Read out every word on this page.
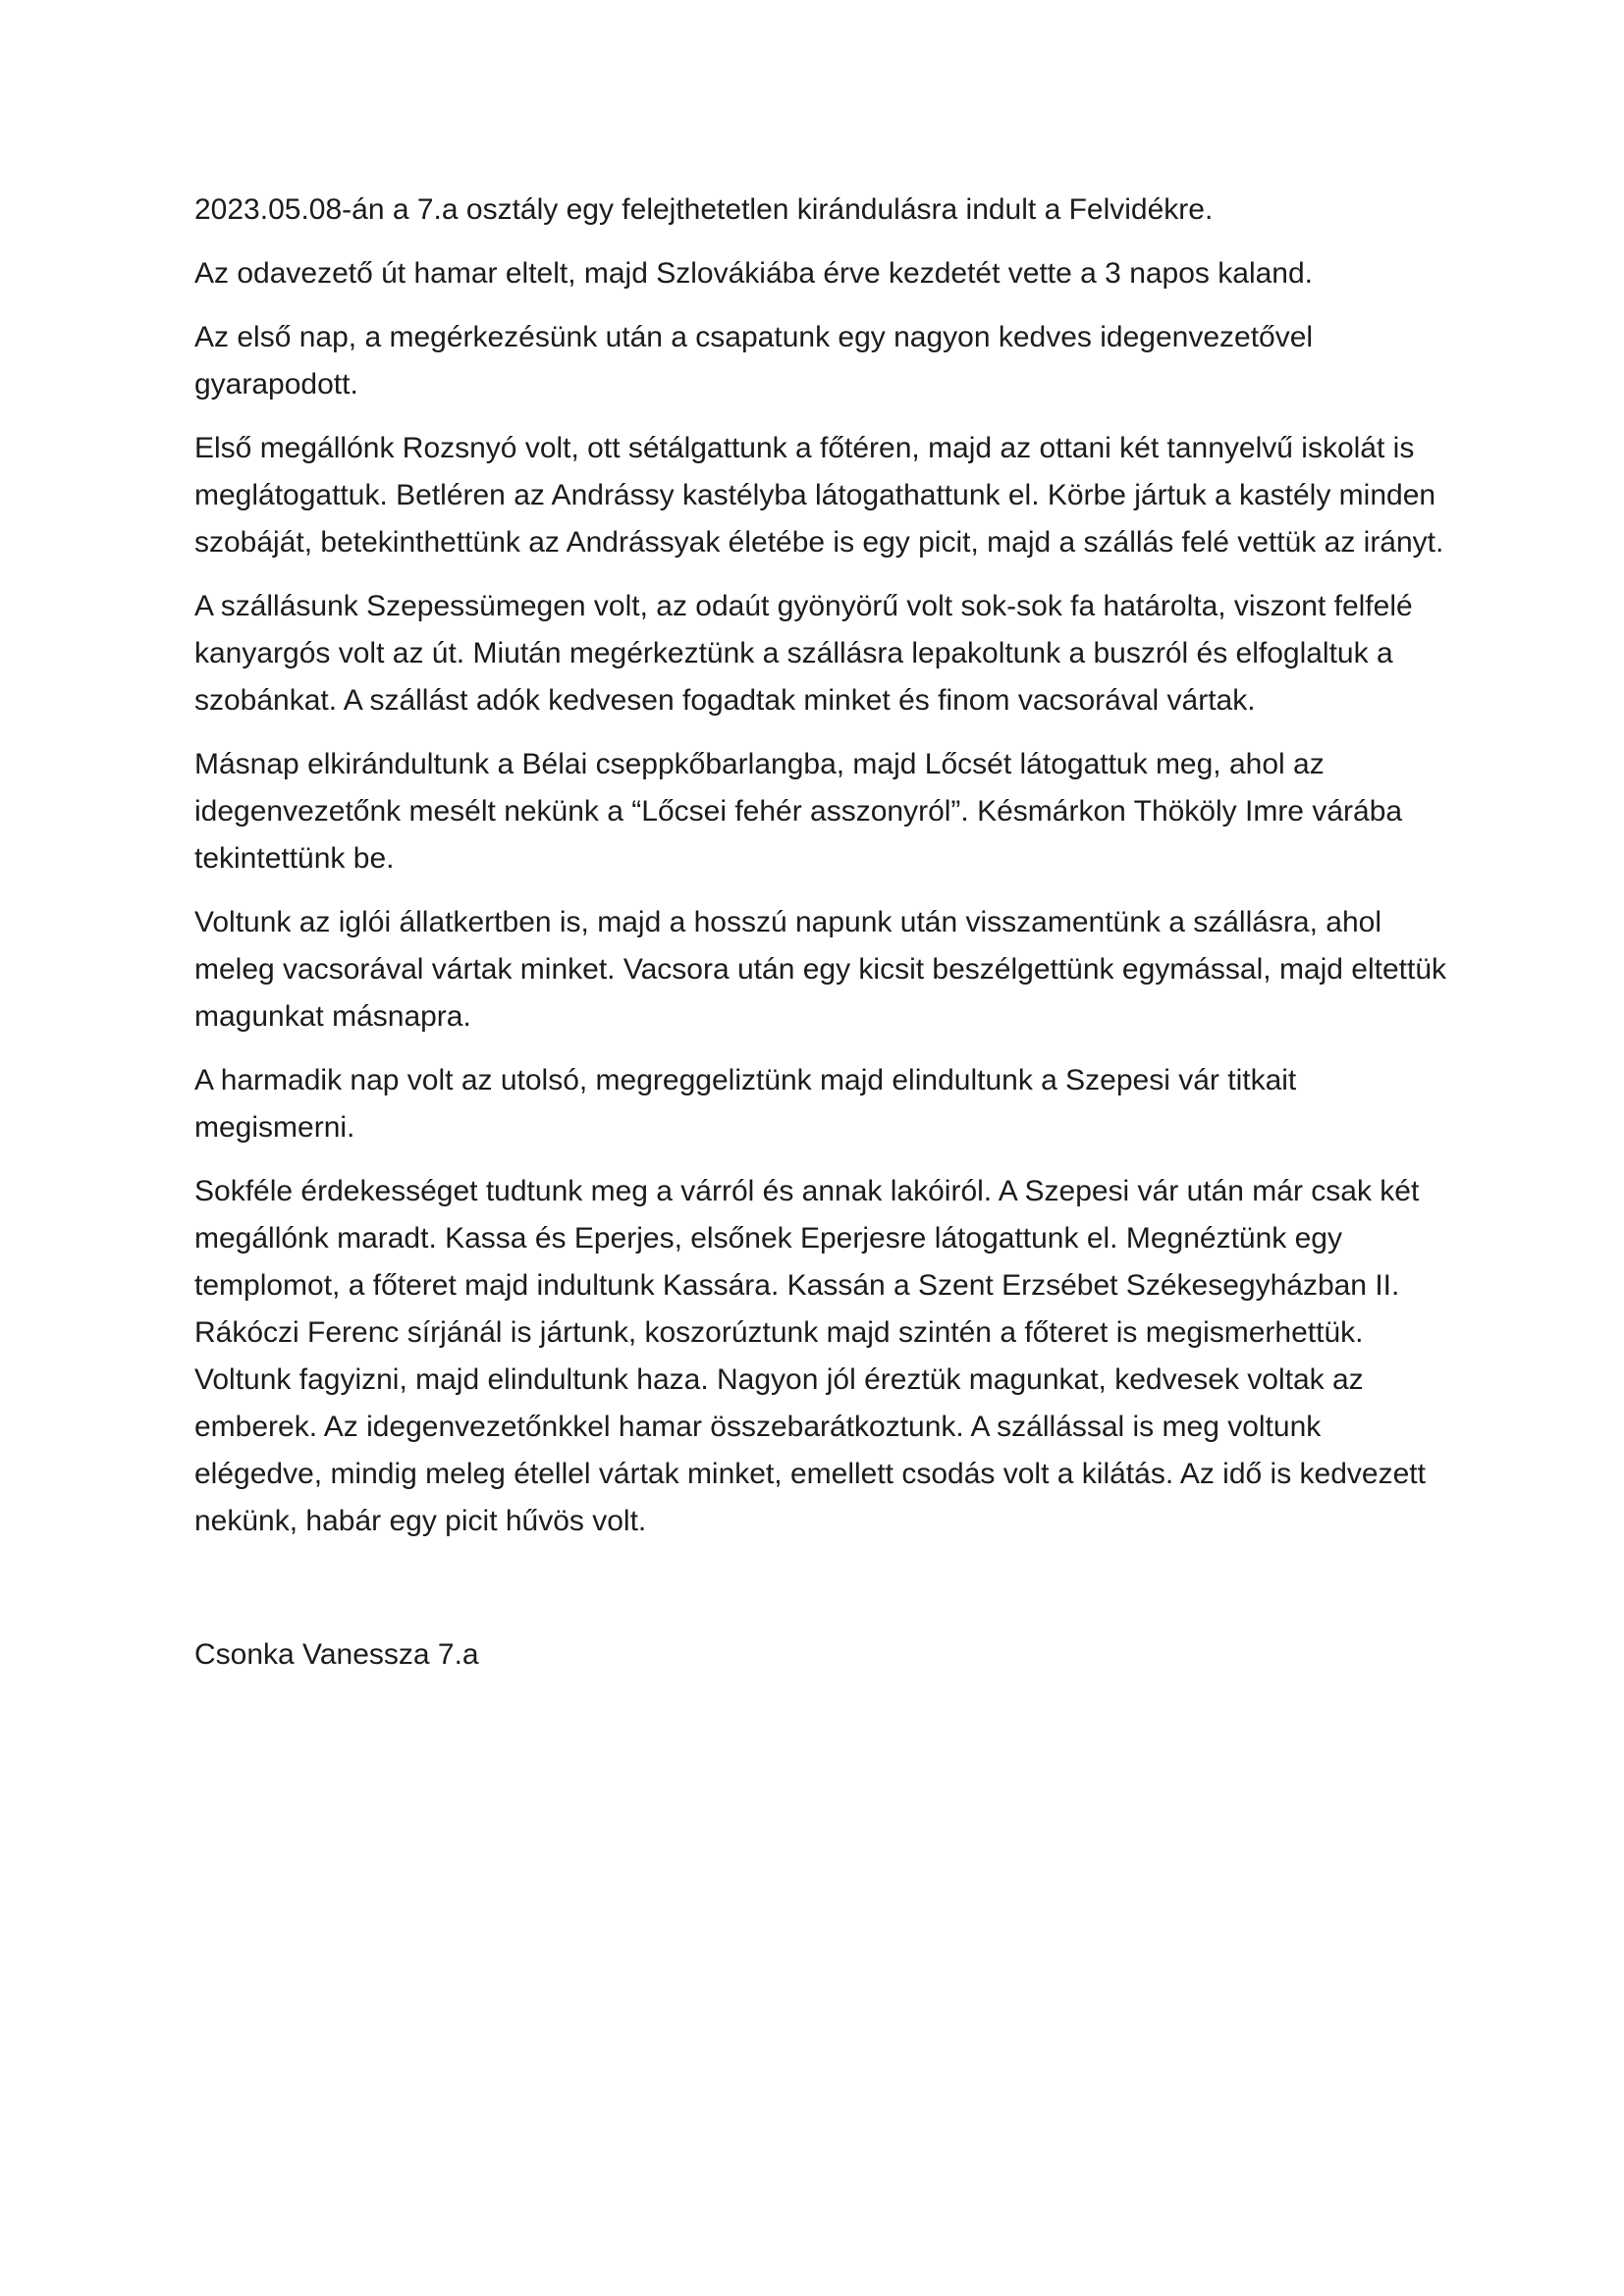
2023.05.08-án a 7.a osztály egy felejthetetlen kirándulásra indult a Felvidékre.

Az odavezető út hamar eltelt, majd Szlovákiába érve kezdetét vette a 3 napos kaland.

Az első nap, a megérkezésünk után a csapatunk egy nagyon kedves idegenvezetővel gyarapodott.

Első megállónk Rozsnyó volt, ott sétálgattunk a főtéren, majd az ottani két tannyelvű iskolát is meglátogattuk. Betléren az Andrássy kastélyba látogathattunk el. Körbe jártuk a kastély minden szobáját, betekinthettünk az Andrássyak életébe is egy picit, majd a szállás felé vettük az irányt.

A szállásunk Szepessümegen volt, az odaút gyönyörű volt sok-sok fa határolta, viszont felfelé kanyargós volt az út. Miután megérkeztünk a szállásra lepakoltunk a buszról és elfoglaltuk a szobánkat. A szállást adók kedvesen fogadtak minket és finom vacsorával vártak.

Másnap elkirándultunk a Bélai cseppkőbarlangba, majd Lőcsét látogattuk meg, ahol az idegenvezetőnk mesélt nekünk a “Lőcsei fehér asszonyról”. Késmárkon Thököly Imre várába tekintettünk be.

Voltunk az iglói állatkertben is, majd a hosszú napunk után visszamentünk a szállásra, ahol meleg vacsorával vártak minket. Vacsora után egy kicsit beszélgettünk egymással, majd eltettük magunkat másnapra.

A harmadik nap volt az utolsó, megreggeliztünk majd elindultunk a Szepesi vár titkait megismerni.

Sokféle érdekességet tudtunk meg a várról és annak lakóiról. A Szepesi vár után már csak két megállónk maradt. Kassa és Eperjes, elsőnek Eperjesre látogattunk el. Megnéztünk egy templomot, a főteret majd indultunk Kassára. Kassán a Szent Erzsébet Székesegyházban II. Rákóczi Ferenc sírjánál is jártunk, koszorúztunk majd szintén a főteret is megismerhettük. Voltunk fagyizni, majd elindultunk haza. Nagyon jól éreztük magunkat, kedvesek voltak az emberek. Az idegenvezetőnkkel hamar összebarátkoztunk. A szállással is meg voltunk elégedve, mindig meleg étellel vártak minket, emellett csodás volt a kilátás. Az idő is kedvezett nekünk, habár egy picit hűvös volt.

Csonka Vanessza 7.a
